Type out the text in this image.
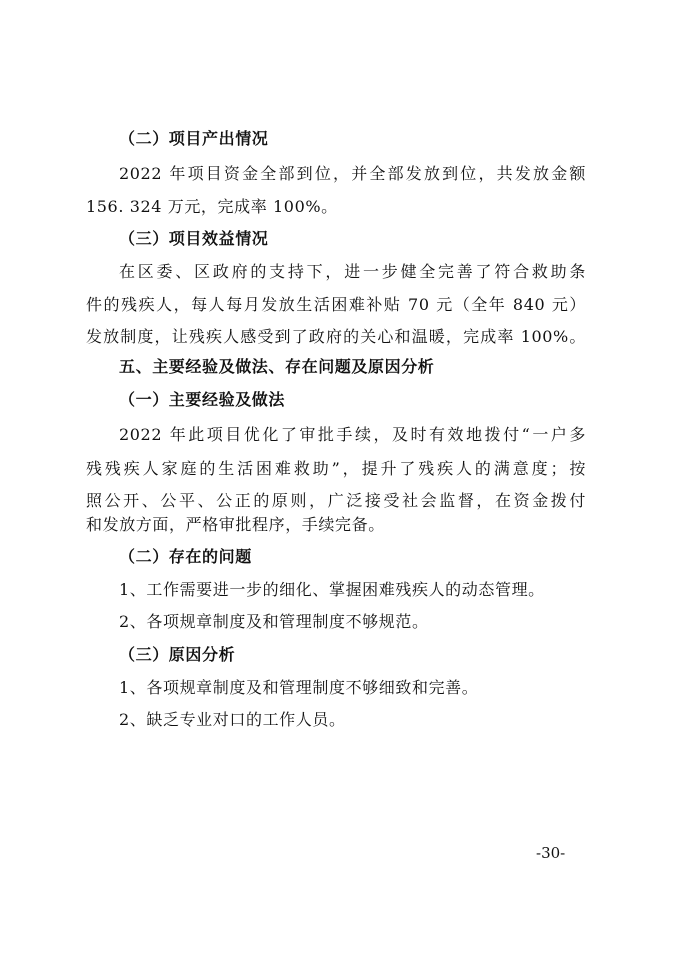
（二）项目产出情况
2022 年项目资金全部到位，并全部发放到位，共发放金额
156. 324 万元，完成率 100%。
（三）项目效益情况
在区委、区政府的支持下，进一步健全完善了符合救助条
件的残疾人，每人每月发放生活困难补贴 70 元（全年 840 元）
发放制度，让残疾人感受到了政府的关心和温暖，完成率 100%。
五、主要经验及做法、存在问题及原因分析
（一）主要经验及做法
2022 年此项目优化了审批手续，及时有效地拨付“一户多
残残疾人家庭的生活困难救助”，提升了残疾人的满意度；按
照公开、公平、公正的原则，广泛接受社会监督，在资金拨付
和发放方面，严格审批程序，手续完备。
（二）存在的问题
1、工作需要进一步的细化、掌握困难残疾人的动态管理。
2、各项规章制度及和管理制度不够规范。
（三）原因分析
1、各项规章制度及和管理制度不够细致和完善。
2、缺乏专业对口的工作人员。
-30-
